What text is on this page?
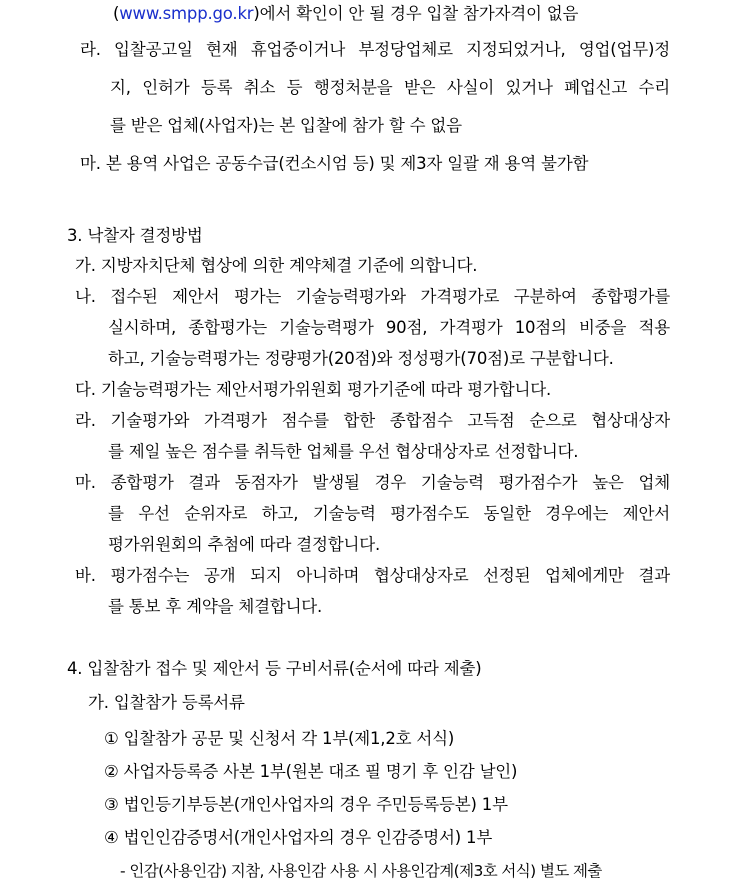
(www.smpp.go.kr)에서 확인이 안 될 경우 입찰 참가자격이 없음
라. 입찰공고일 현재 휴업중이거나 부정당업체로 지정되었거나, 영업(업무)정
지, 인허가 등록 취소 등 행정처분을 받은 사실이 있거나 폐업신고 수리
를 받은 업체(사업자)는 본 입찰에 참가 할 수 없음
마. 본 용역 사업은 공동수급(컨소시엄 등) 및 제3자 일괄 재 용역 불가함
3. 낙찰자 결정방법
가. 지방자치단체 협상에 의한 계약체결 기준에 의합니다.
나. 접수된 제안서 평가는 기술능력평가와 가격평가로 구분하여 종합평가를
실시하며, 종합평가는 기술능력평가 90점, 가격평가 10점의 비중을 적용
하고, 기술능력평가는 정량평가(20점)와 정성평가(70점)로 구분합니다.
다. 기술능력평가는 제안서평가위원회 평가기준에 따라 평가합니다.
라. 기술평가와 가격평가 점수를 합한 종합점수 고득점 순으로 협상대상자
를 제일 높은 점수를 취득한 업체를 우선 협상대상자로 선정합니다.
마. 종합평가 결과 동점자가 발생될 경우 기술능력 평가점수가 높은 업체
를 우선 순위자로 하고, 기술능력 평가점수도 동일한 경우에는 제안서
평가위원회의 추첨에 따라 결정합니다.
바. 평가점수는 공개 되지 아니하며 협상대상자로 선정된 업체에게만 결과
를 통보 후 계약을 체결합니다.
4. 입찰참가 접수 및 제안서 등 구비서류(순서에 따라 제출)
가. 입찰참가 등록서류
① 입찰참가 공문 및 신청서 각 1부(제1,2호 서식)
② 사업자등록증 사본 1부(원본 대조 필 명기 후 인감 날인)
③ 법인등기부등본(개인사업자의 경우 주민등록등본) 1부
④ 법인인감증명서(개인사업자의 경우 인감증명서) 1부
- 인감(사용인감) 지참, 사용인감 사용 시 사용인감계(제3호 서식) 별도 제출
